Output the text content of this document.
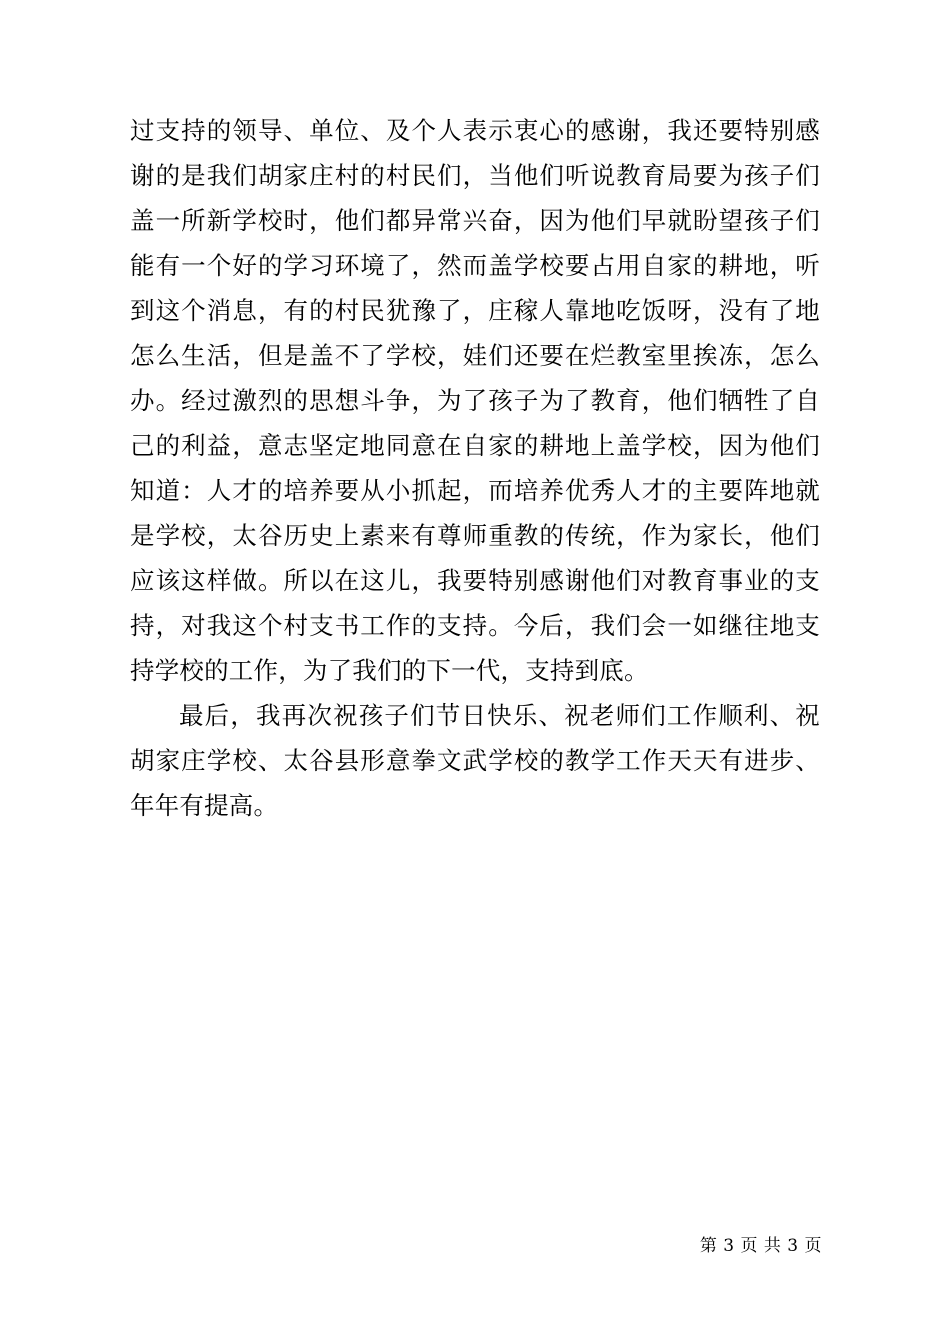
过支持的领导、单位、及个人表示衷心的感谢，我还要特别感谢的是我们胡家庄村的村民们，当他们听说教育局要为孩子们盖一所新学校时，他们都异常兴奋，因为他们早就盼望孩子们能有一个好的学习环境了，然而盖学校要占用自家的耕地，听到这个消息，有的村民犹豫了，庄稼人靠地吃饭呀，没有了地怎么生活，但是盖不了学校，娃们还要在烂教室里挨冻，怎么办。经过激烈的思想斗争，为了孩子为了教育，他们牺牲了自己的利益，意志坚定地同意在自家的耕地上盖学校，因为他们知道：人才的培养要从小抓起，而培养优秀人才的主要阵地就是学校，太谷历史上素来有尊师重教的传统，作为家长，他们应该这样做。所以在这儿，我要特别感谢他们对教育事业的支持，对我这个村支书工作的支持。今后，我们会一如继往地支持学校的工作，为了我们的下一代，支持到底。

最后，我再次祝孩子们节日快乐、祝老师们工作顺利、祝胡家庄学校、太谷县形意拳文武学校的教学工作天天有进步、年年有提高。

第 3 页 共 3 页
